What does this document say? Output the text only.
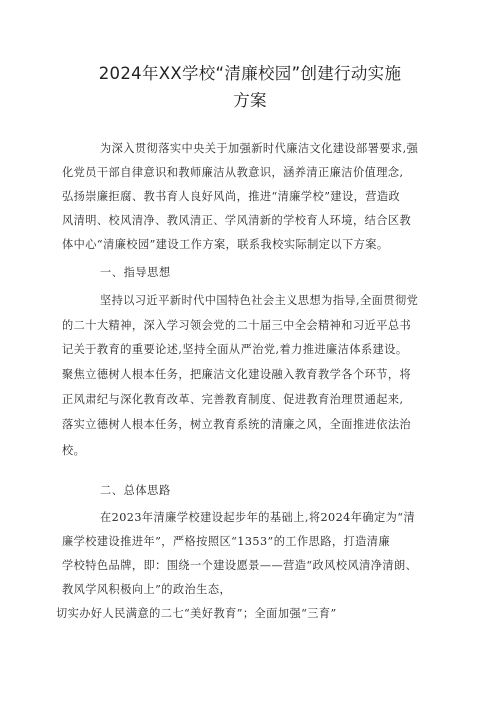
2024年XX学校“清廉校园”创建行动实施
方案
为深入贯彻落实中央关于加强新时代廉洁文化建设部署要求,强
化党员干部自律意识和教师廉洁从教意识，涵养清正廉洁价值理念,
弘扬崇廉拒腐、教书育人良好风尚，推进“清廉学校”建设，营造政
风清明、校风清净、教风清正、学风清新的学校育人环境，结合区教
体中心“清廉校园”建设工作方案，联系我校实际制定以下方案。
一、指导思想
坚持以习近平新时代中国特色社会主义思想为指导,全面贯彻党
的二十大精神，深入学习领会党的二十届三中全会精神和习近平总书
记关于教育的重要论述,坚持全面从严治党,着力推进廉洁体系建设。
聚焦立德树人根本任务，把廉洁文化建设融入教育教学各个环节，将
正风肃纪与深化教育改革、完善教育制度、促进教育治理贯通起来,
落实立德树人根本任务，树立教育系统的清廉之风，全面推进依法治
校。
二、总体思路
在2023年清廉学校建设起步年的基础上,将2024年确定为“清
廉学校建设推进年”，严格按照区“1353”的工作思路，打造清廉
学校特色品牌，即：围绕一个建设愿景——营造“政风校风清净清朗、
教风学风积极向上”的政治生态，
切实办好人民满意的二七“美好教育”；全面加强“三育”
